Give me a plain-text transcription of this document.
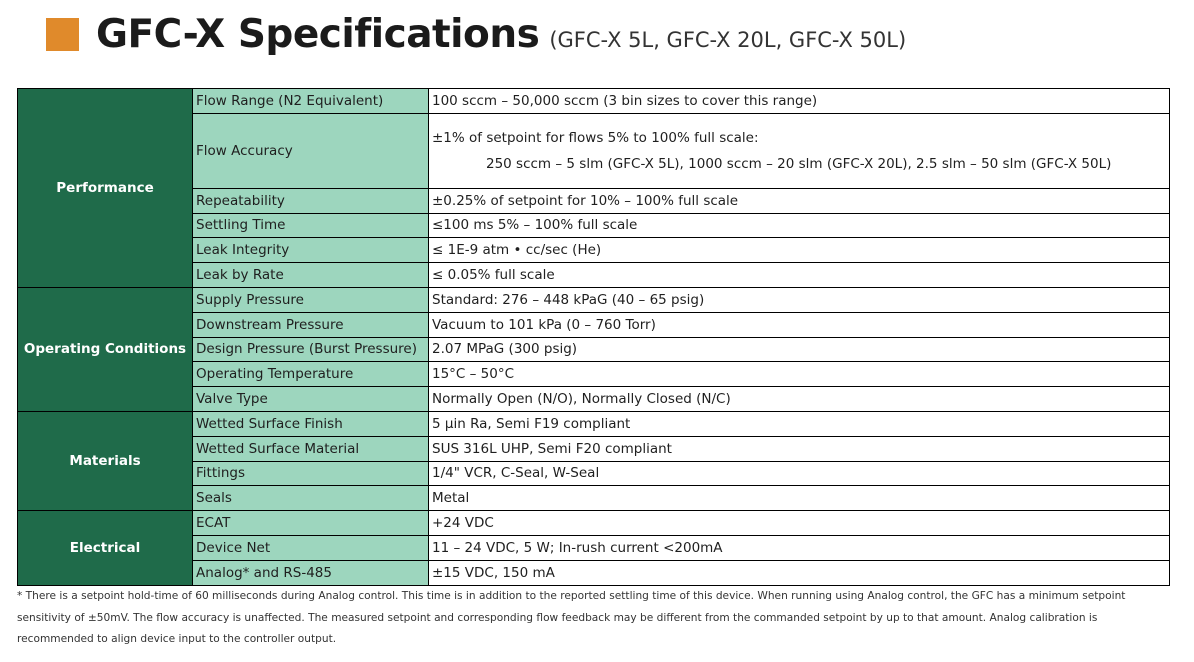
GFC-X Specifications (GFC-X 5L, GFC-X 20L, GFC-X 50L)
Performance	Flow Range (N2 Equivalent)	100 sccm – 50,000 sccm (3 bin sizes to cover this range)
	Flow Accuracy	±1% of setpoint for flows 5% to 100% full scale:
250 sccm – 5 slm (GFC-X 5L), 1000 sccm – 20 slm (GFC-X 20L), 2.5 slm – 50 slm (GFC-X 50L)

	Repeatability	±0.25% of setpoint for 10% – 100% full scale
	Settling Time	≤100 ms 5% – 100% full scale
	Leak Integrity	≤ 1E-9 atm • cc/sec (He)
	Leak by Rate	≤ 0.05% full scale
Operating Conditions	Supply Pressure	Standard: 276 – 448 kPaG (40 – 65 psig)
	Downstream Pressure	Vacuum to 101 kPa (0 – 760 Torr)
	Design Pressure (Burst Pressure)	2.07 MPaG (300 psig)
	Operating Temperature	15°C – 50°C
	Valve Type	Normally Open (N/O), Normally Closed (N/C)
Materials	Wetted Surface Finish	5 μin Ra, Semi F19 compliant
	Wetted Surface Material	SUS 316L UHP, Semi F20 compliant
	Fittings	1/4" VCR, C-Seal, W-Seal
	Seals	Metal
Electrical	ECAT	+24 VDC
	Device Net	11 – 24 VDC, 5 W; In-rush current <200mA
	Analog* and RS-485	±15 VDC, 150 mA

* There is a setpoint hold-time of 60 milliseconds during Analog control. This time is in addition to the reported settling time of this device. When running using Analog control, the GFC has a minimum setpoint sensitivity of ±50mV. The flow accuracy is unaffected. The measured setpoint and corresponding flow feedback may be different from the commanded setpoint by up to that amount. Analog calibration is recommended to align device input to the controller output.
